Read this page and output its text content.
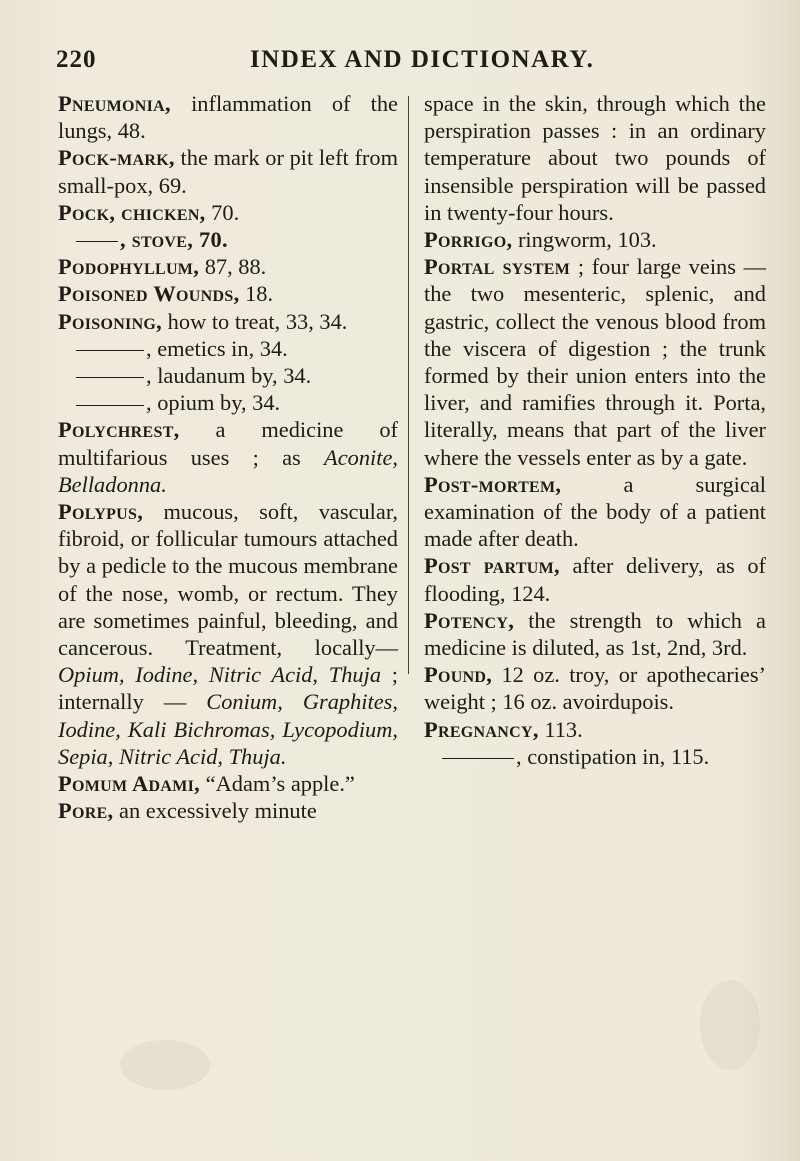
220	INDEX AND DICTIONARY.

Pneumonia, inflammation of the lungs, 48.

Pock-mark, the mark or pit left from small-pox, 69.

Pock, chicken, 70.

, stove, 70.

Podophyllum, 87, 88.

Poisoned Wounds, 18.

Poisoning, how to treat, 33, 34.

, emetics in, 34.

, laudanum by, 34.

, opium by, 34.

Polychrest, a medicine of multifarious uses ; as Aconite, Belladonna.

Polypus, mucous, soft, vascular, fibroid, or follicular tumours attached by a pedicle to the mucous membrane of the nose, womb, or rectum. They are sometimes painful, bleeding, and cancerous. Treatment, locally—Opium, Iodine, Nitric Acid, Thuja ; internally — Conium, Graphites, Iodine, Kali Bichromas, Lycopodium, Sepia, Nitric Acid, Thuja.

Pomum Adami, “Adam’s apple.”

Pore, an excessively minute

space in the skin, through which the perspiration passes : in an ordinary temperature about two pounds of insensible perspiration will be passed in twenty-four hours.

Porrigo, ringworm, 103.

Portal system ; four large veins — the two mesenteric, splenic, and gastric, collect the venous blood from the viscera of digestion ; the trunk formed by their union enters into the liver, and ramifies through it. Porta, literally, means that part of the liver where the vessels enter as by a gate.

Post-mortem, a surgical examination of the body of a patient made after death.

Post partum, after delivery, as of flooding, 124.

Potency, the strength to which a medicine is diluted, as 1st, 2nd, 3rd.

Pound, 12 oz. troy, or apothecaries’ weight ; 16 oz. avoirdupois.

Pregnancy, 113.

, constipation in, 115.
